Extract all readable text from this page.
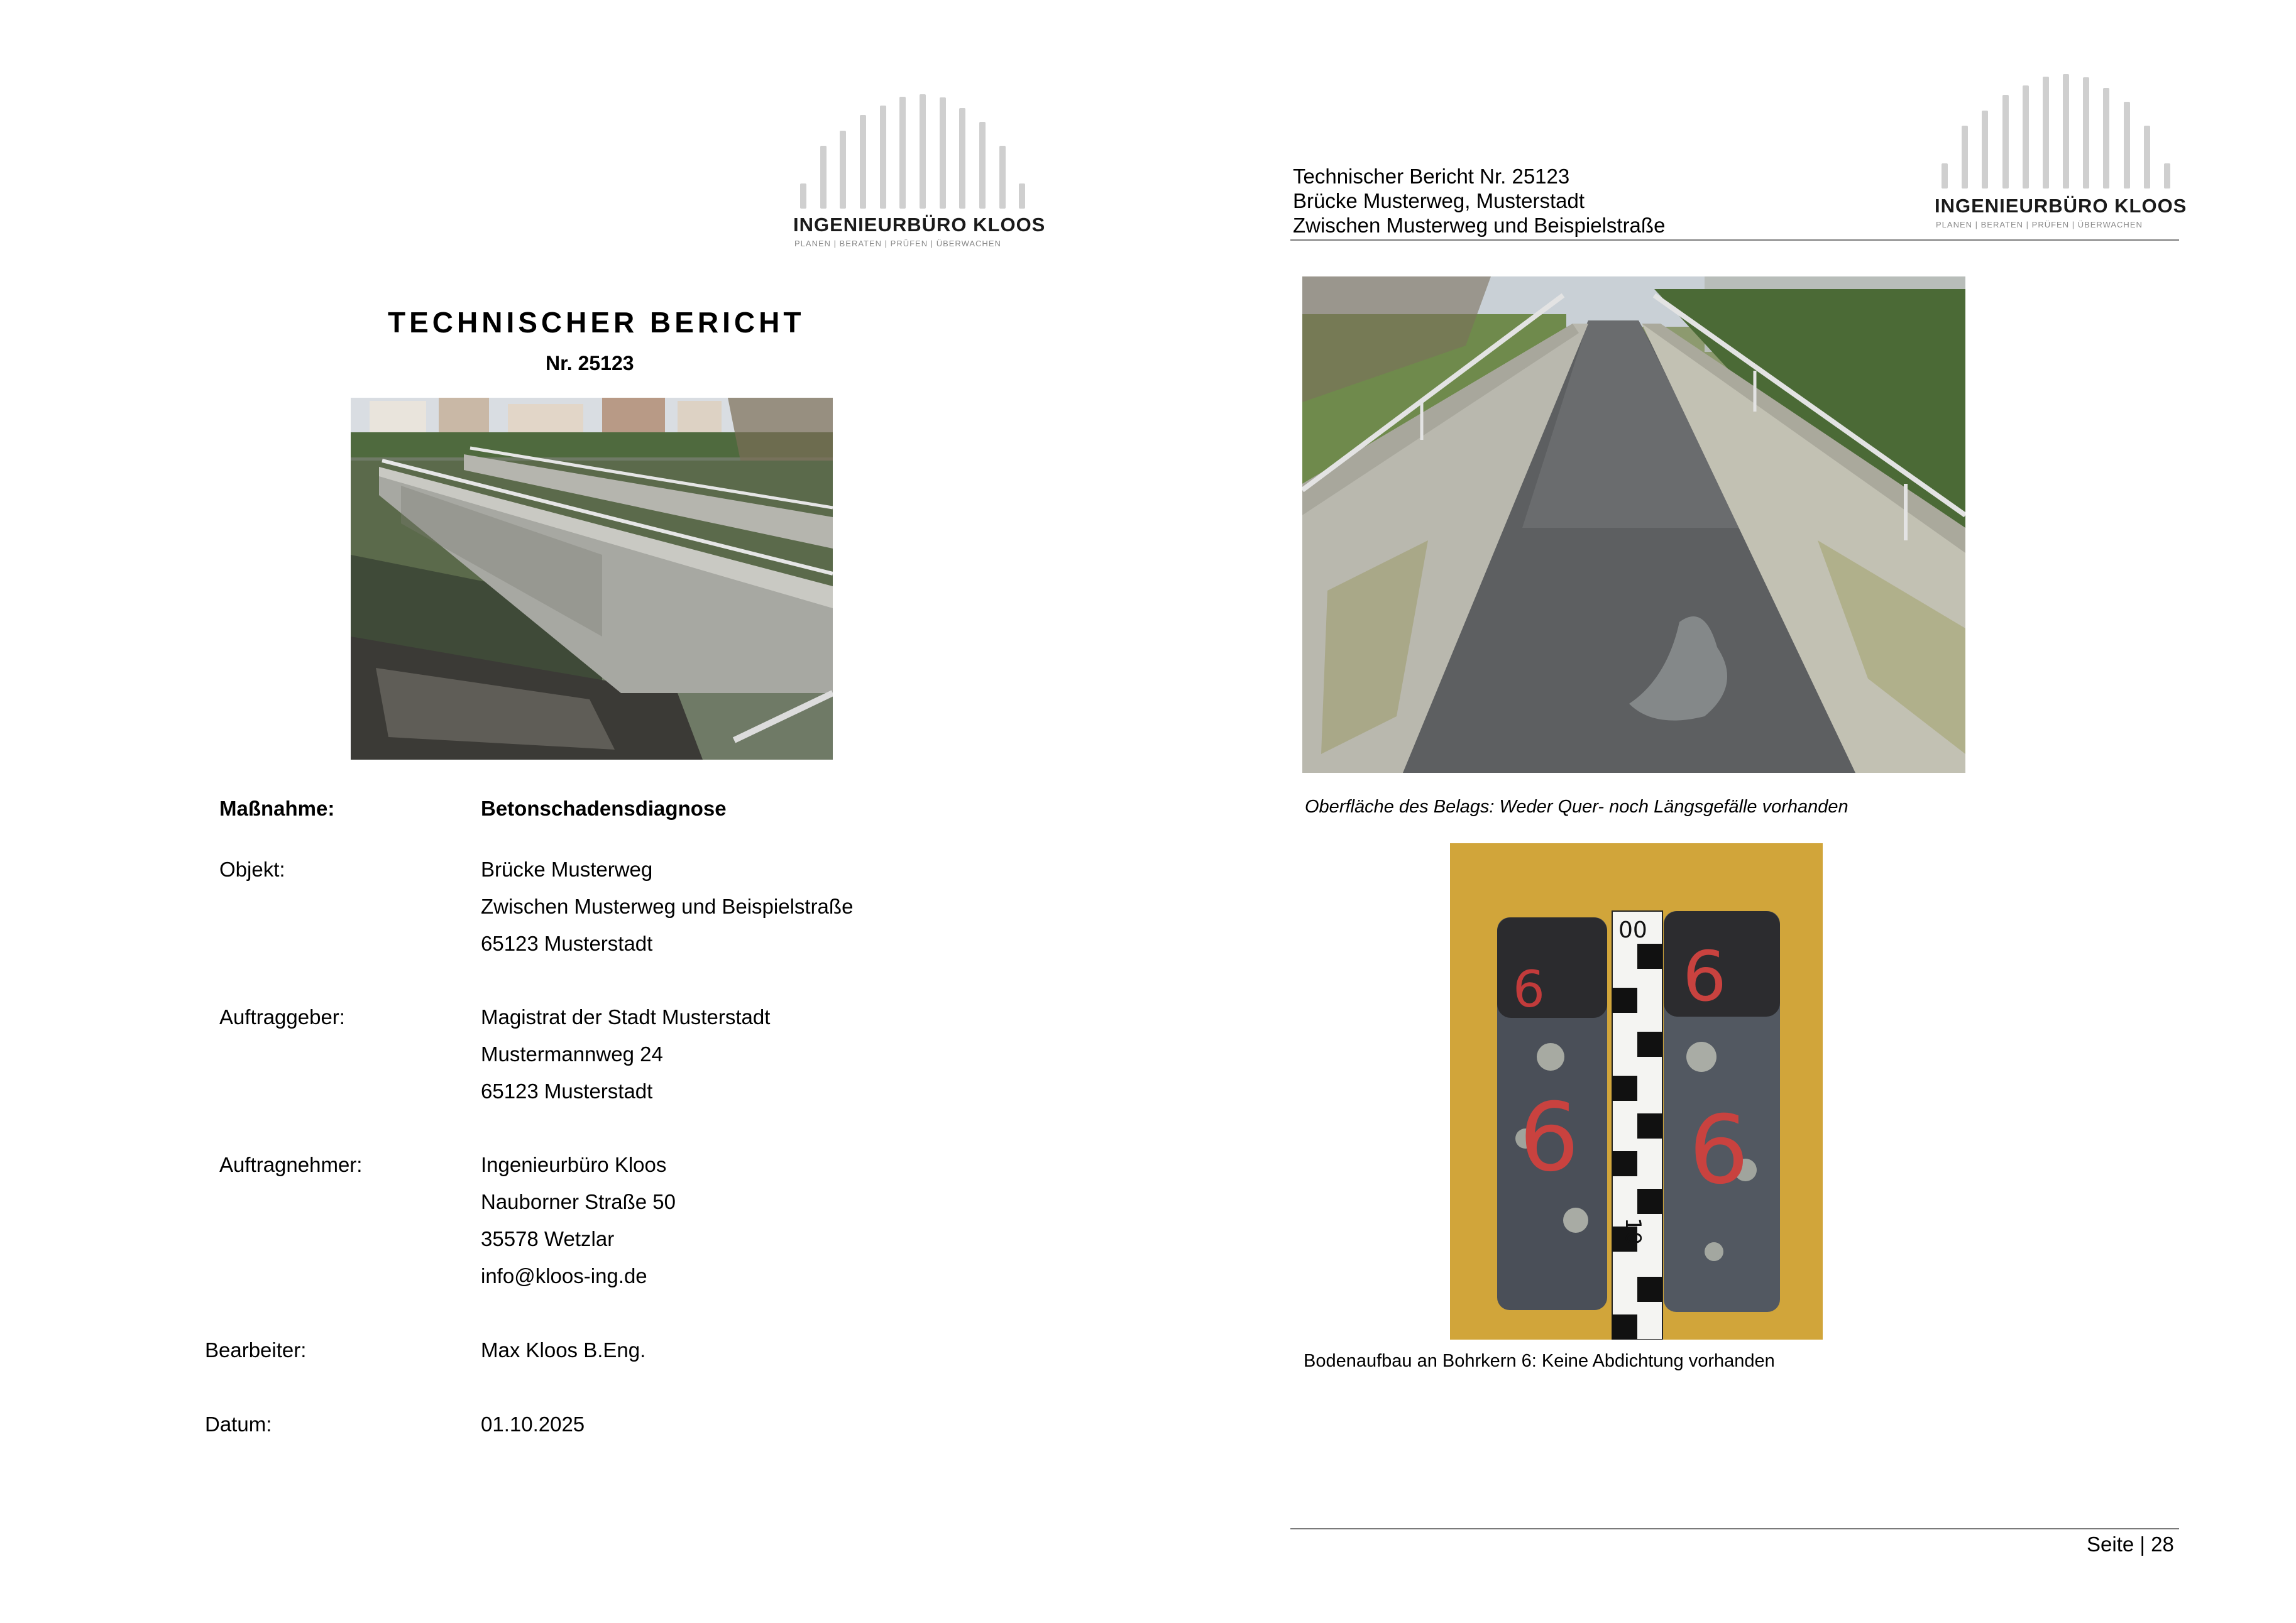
INGENIEURBÜRO KLOOS
PLANEN | BERATEN | PRÜFEN | ÜBERWACHEN
TECHNISCHER BERICHT
Nr. 25123
Maßnahme:	Betonschadensdiagnose
Objekt:	Brücke Musterweg
Zwischen Musterweg und Beispielstraße
65123 Musterstadt
Auftraggeber:	Magistrat der Stadt Musterstadt
Mustermannweg 24
65123 Musterstadt
Auftragnehmer:	Ingenieurbüro Kloos
Nauborner Straße 50
35578 Wetzlar
info@kloos-ing.de
Bearbeiter:	Max Kloos B.Eng.
Datum:	01.10.2025
Technischer Bericht Nr. 25123
Brücke Musterweg, Musterstadt
Zwischen Musterweg und Beispielstraße
INGENIEURBÜRO KLOOS
PLANEN | BERATEN | PRÜFEN | ÜBERWACHEN
Oberfläche des Belags: Weder Quer- noch Längsgefälle vorhanden
6 6
6 6
00
10
Bodenaufbau an Bohrkern 6: Keine Abdichtung vorhanden
Seite | 28
